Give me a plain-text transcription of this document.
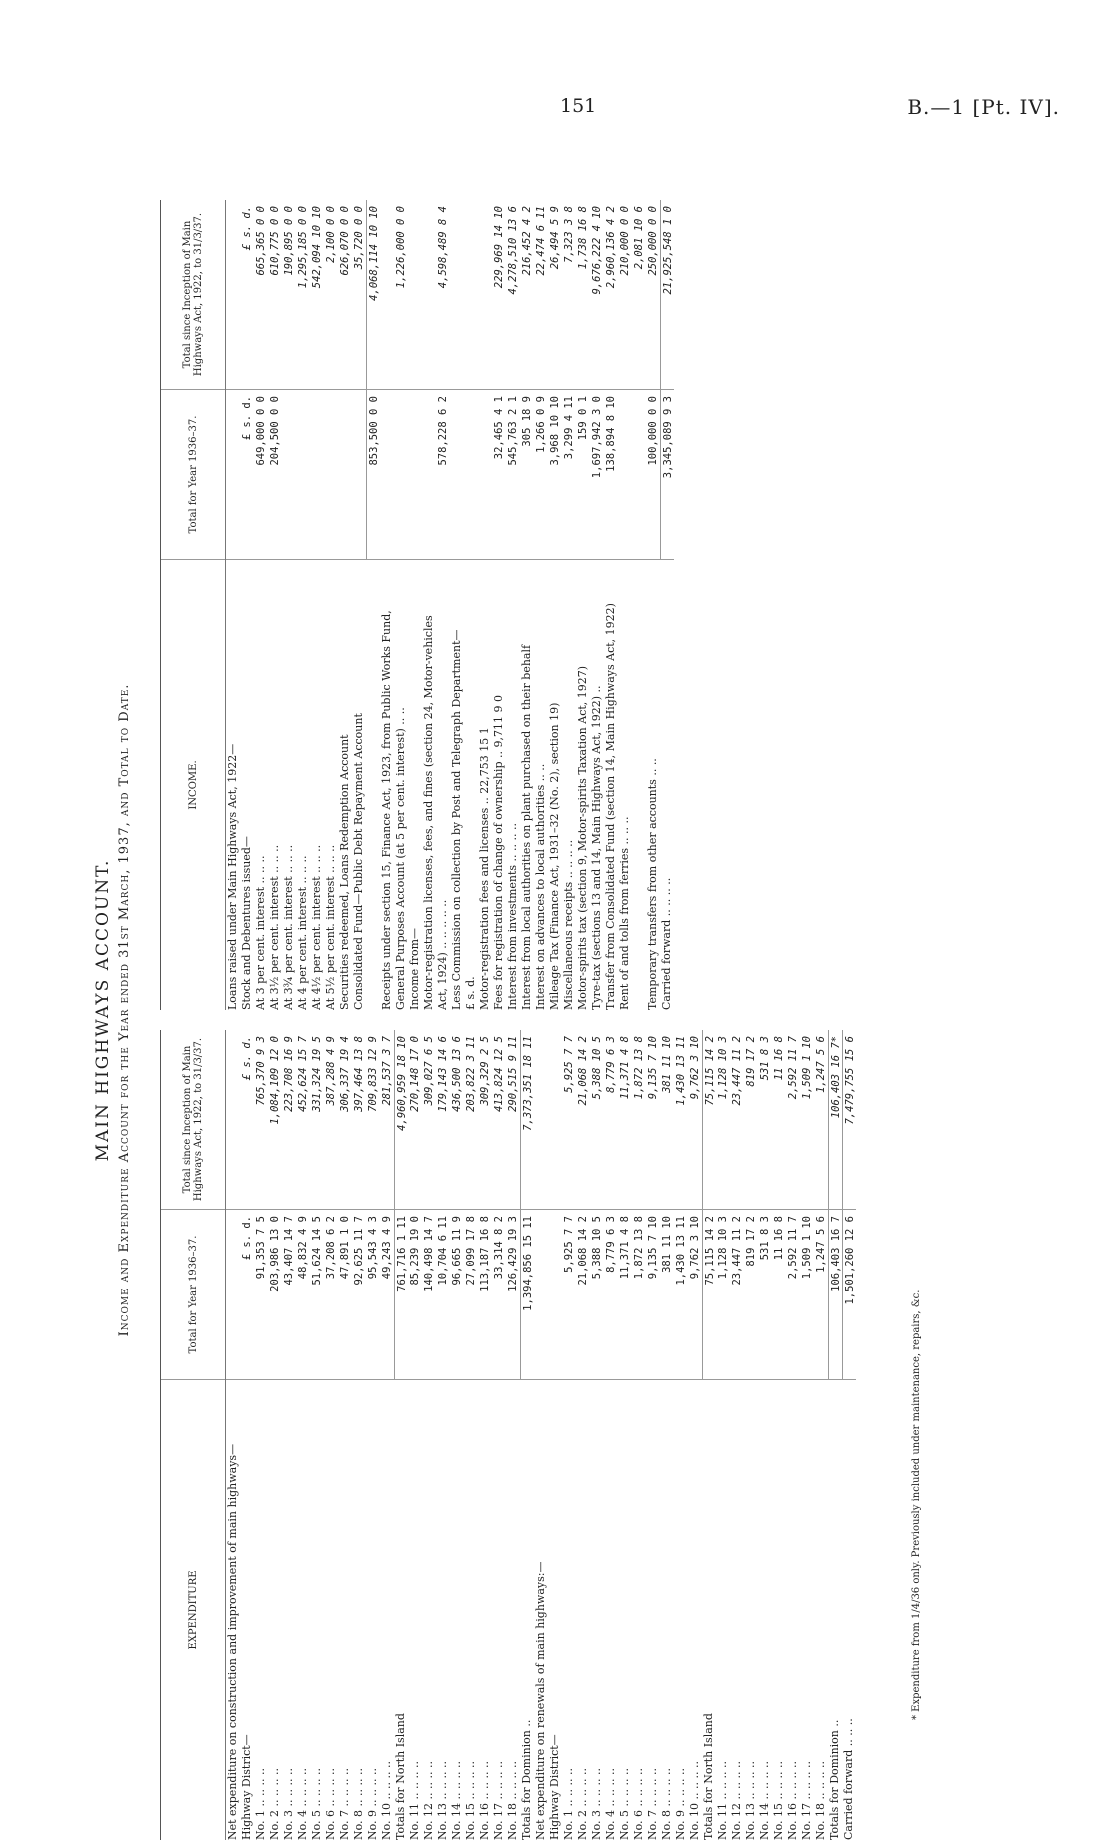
151	B.—1 [Pt. IV].
MAIN HIGHWAYS ACCOUNT. Income and Expenditure Account for the Year ended 31st March, 1937, and Total to Date.
EXPENDITURE
Total for Year 1936–37.
Total since Inception of Main Highways Act, 1922, to 31/3/37.
Net expenditure on construction and improvement of main highways— Highway District—
£ s. d.
£ s. d.
No. 1 .. .. .. ..
91,353 7 5
765,370 9 3
No. 2 .. .. .. ..
203,986 13 0
1,084,109 12 0
No. 3 .. .. .. ..
43,407 14 7
223,708 16 9
No. 4 .. .. .. ..
48,832 4 9
452,624 15 7
No. 5 .. .. .. ..
51,624 14 5
331,324 19 5
No. 6 .. .. .. ..
37,208 6 2
387,288 4 9
No. 7 .. .. .. ..
47,891 1 0
306,337 19 4
No. 8 .. .. .. ..
92,625 11 7
397,464 13 8
No. 9 .. .. .. ..
95,543 4 3
709,833 12 9
No. 10 .. .. .. ..
49,243 4 9
281,537 3 7
Totals for North Island
761,716 1 11
4,960,959 18 10
No. 11 .. .. .. ..
85,239 19 0
270,148 17 0
No. 12 .. .. .. ..
140,498 14 7
309,027 6 5
No. 13 .. .. .. ..
10,704 6 11
179,143 14 6
No. 14 .. .. .. ..
96,665 11 9
436,500 13 6
No. 15 .. .. .. ..
27,099 17 8
203,822 3 11
No. 16 .. .. .. ..
113,187 16 8
309,329 2 5
No. 17 .. .. .. ..
33,314 8 2
413,824 12 5
No. 18 .. .. .. ..
126,429 19 3
290,515 9 11
Totals for Dominion ..
1,394,856 15 11
7,373,351 18 11
Net expenditure on renewals of main highways:— Highway District— No. 1 .. .. .. ..
5,925 7 7
5,925 7 7
No. 2 .. .. .. ..
21,068 14 2
21,068 14 2
No. 3 .. .. .. ..
5,388 10 5
5,388 10 5
No. 4 .. .. .. ..
8,779 6 3
8,779 6 3
No. 5 .. .. .. ..
11,371 4 8
11,371 4 8
No. 6 .. .. .. ..
1,872 13 8
1,872 13 8
No. 7 .. .. .. ..
9,135 7 10
9,135 7 10
No. 8 .. .. .. ..
381 11 10
381 11 10
No. 9 .. .. .. ..
1,430 13 11
1,430 13 11
No. 10 .. .. .. ..
9,762 3 10
9,762 3 10
Totals for North Island
75,115 14 2
75,115 14 2
No. 11 .. .. .. ..
1,128 10 3
1,128 10 3
No. 12 .. .. .. ..
23,447 11 2
23,447 11 2
No. 13 .. .. .. ..
819 17 2
819 17 2
No. 14 .. .. .. ..
531 8 3
531 8 3
No. 15 .. .. .. ..
11 16 8
11 16 8
No. 16 .. .. .. ..
2,592 11 7
2,592 11 7
No. 17 .. .. .. ..
1,509 1 10
1,509 1 10
No. 18 .. .. .. ..
1,247 5 6
1,247 5 6
Totals for Dominion ..
106,403 16 7
106,403 16 7*
Carried forward .. .. ..
1,501,260 12 6
7,479,755 15 6
INCOME.
Total for Year 1936–37.
Total since Inception of Main Highways Act, 1922, to 31/3/37.
Loans raised under Main Highways Act, 1922— Stock and Debentures issued—
£ s. d.
£ s. d.
At 3 per cent. interest .. .. ..
649,000 0 0
665,365 0 0
At 3½ per cent. interest .. .. ..
204,500 0 0
610,775 0 0
At 3¾ per cent. interest .. .. ..
190,895 0 0
At 4 per cent. interest .. .. ..
1,295,185 0 0
At 4½ per cent. interest .. .. ..
542,094 10 10
At 5½ per cent. interest .. .. ..
2,100 0 0
Securities redeemed, Loans Redemption Account
626,070 0 0
Consolidated Fund—Public Debt Repayment Account
35,720 0 0
853,500 0 0
4,068,114 10 10
Receipts under section 15, Finance Act, 1923, from Public Works Fund, General Purposes Account (at 5 per cent. interest) .. ..
1,226,000 0 0
Income from— Motor-registration licenses, fees, and fines (section 24, Motor-vehicles Act, 1924) .. .. .. .. ..
578,228 6 2
4,598,489 8 4
Less Commission on collection by Post and Telegraph Department— £ s. d. Motor-registration fees and licenses .. 22,753 15 1 Fees for registration of change of ownership .. 9,711 9 0
32,465 4 1
229,969 14 10
Interest from investments .. .. .. ..
545,763 2 1
4,278,510 13 6
Interest from local authorities on plant purchased on their behalf
305 18 9
216,452 4 2
Interest on advances to local authorities .. ..
1,266 0 9
22,474 6 11
Mileage Tax (Finance Act, 1931–32 (No. 2), section 19)
3,968 10 10
26,494 5 9
Miscellaneous receipts .. .. .. ..
3,299 4 11
7,323 3 8
Motor-spirits tax (section 9, Motor-spirits Taxation Act, 1927)
159 0 1
1,738 16 8
Tyre-tax (sections 13 and 14, Main Highways Act, 1922) ..
1,697,942 3 0
9,676,222 4 10
Transfer from Consolidated Fund (section 14, Main Highways Act, 1922)
138,894 8 10
2,960,136 4 2
Rent of and tolls from ferries .. .. ..
210,000 0 0 2,081 10 6
Temporary transfers from other accounts .. ..
100,000 0 0
250,000 0 0
Carried forward .. .. .. ..
3,345,089 9 3
21,925,548 1 0
* Expenditure from 1/4/36 only. Previously included under maintenance, repairs, &c.
